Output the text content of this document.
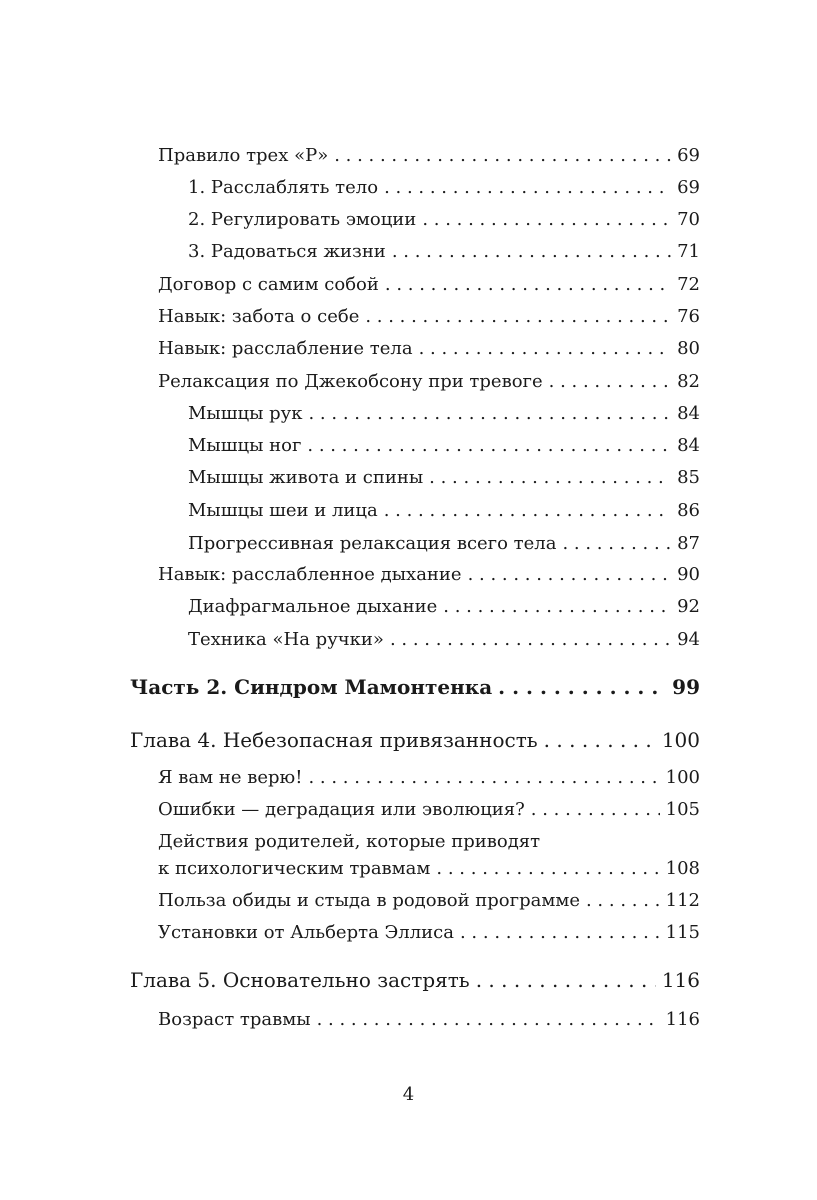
Правило трех «Р» . . .	69
1. Расслаблять тело . . .	69
2. Регулировать эмоции . . .	70
3. Радоваться жизни . . .	71
Договор с самим собой . . .	72
Навык: забота о себе . . .	76
Навык: расслабление тела . . .	80
Релаксация по Джекобсону при тревоге . . .	82
Мышцы рук . . .	84
Мышцы ног . . .	84
Мышцы живота и спины . . .	85
Мышцы шеи и лица . . .	86
Прогрессивная релаксация всего тела . . .	87
Навык: расслабленное дыхание . . .	90
Диафрагмальное дыхание . . .	92
Техника «На ручки» . . .	94
Часть 2. Синдром Мамонтенка . . .	99
Глава 4. Небезопасная привязанность . . .	100
Я вам не верю! . . .	100
Ошибки — деградация или эволюция? . . .	105
Действия родителей, которые приводят
к психологическим травмам . . .	108
Польза обиды и стыда в родовой программе . . .	112
Установки от Альберта Эллиса . . .	115
Глава 5. Основательно застрять . . .	116
Возраст травмы . . .	116
4
